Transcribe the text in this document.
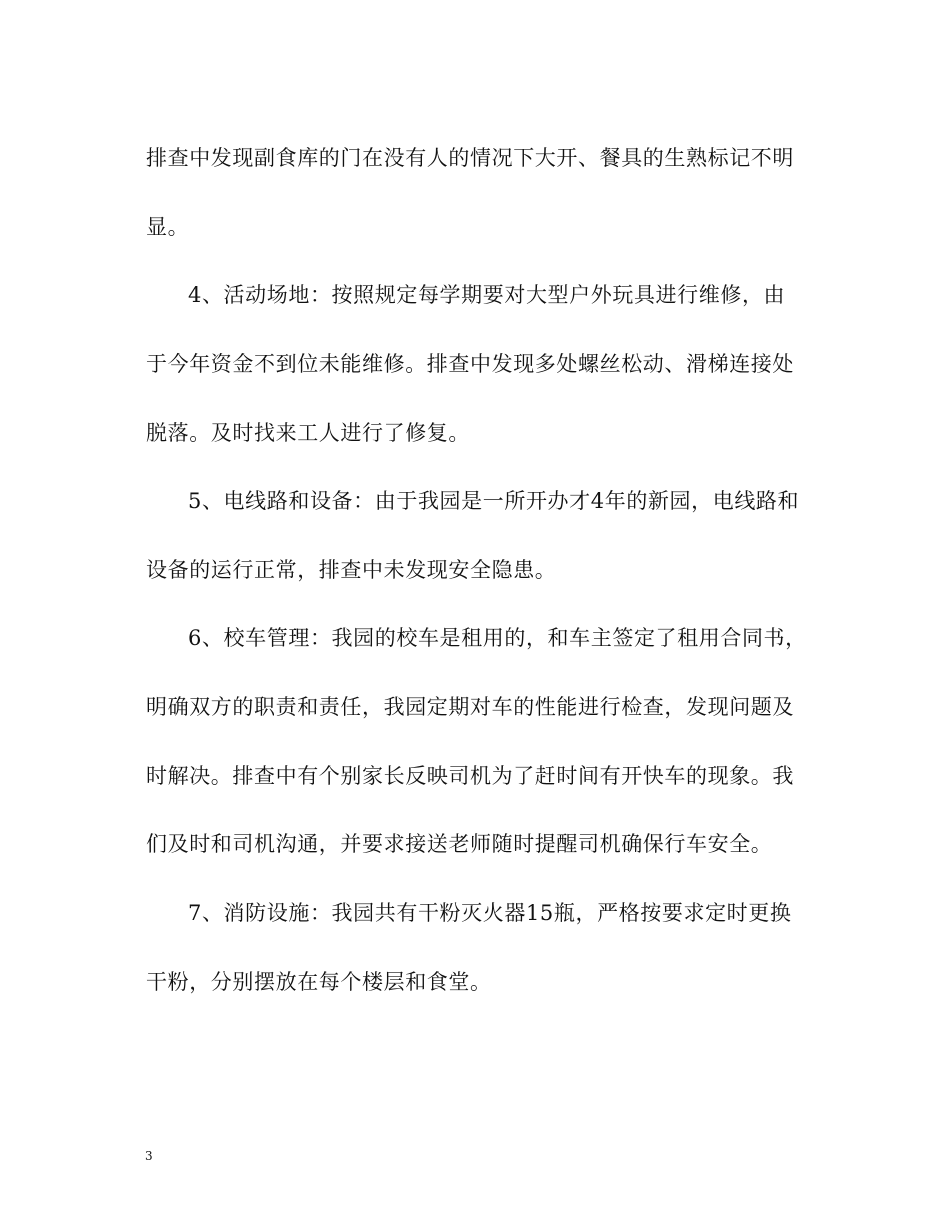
排查中发现副食库的门在没有人的情况下大开、餐具的生熟标记不明
显。
4、活动场地：按照规定每学期要对大型户外玩具进行维修，由
于今年资金不到位未能维修。排查中发现多处螺丝松动、滑梯连接处
脱落。及时找来工人进行了修复。
5、电线路和设备：由于我园是一所开办才4年的新园，电线路和
设备的运行正常，排查中未发现安全隐患。
6、校车管理：我园的校车是租用的，和车主签定了租用合同书，
明确双方的职责和责任，我园定期对车的性能进行检查，发现问题及
时解决。排查中有个别家长反映司机为了赶时间有开快车的现象。我
们及时和司机沟通，并要求接送老师随时提醒司机确保行车安全。
7、消防设施：我园共有干粉灭火器15瓶，严格按要求定时更换
干粉，分别摆放在每个楼层和食堂。
3
